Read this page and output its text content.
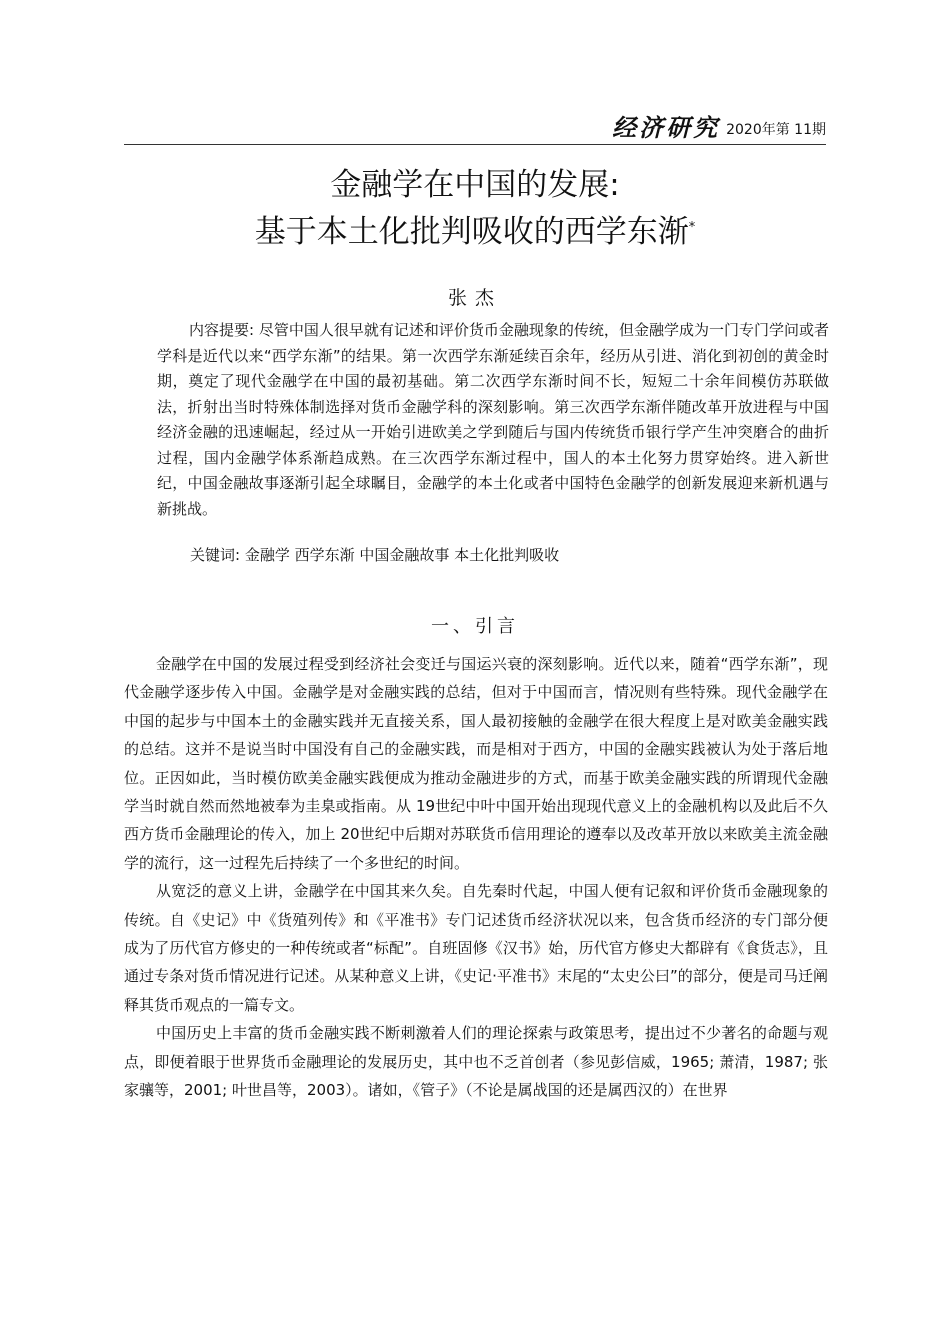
经济研究 2020年第 11期
金融学在中国的发展:
基于本土化批判吸收的西学东渐*
张杰

内容提要: 尽管中国人很早就有记述和评价货币金融现象的传统，但金融学成为一门专门学问或者学科是近代以来“西学东渐”的结果。第一次西学东渐延续百余年，经历从引进、消化到初创的黄金时期，奠定了现代金融学在中国的最初基础。第二次西学东渐时间不长，短短二十余年间模仿苏联做法，折射出当时特殊体制选择对货币金融学科的深刻影响。第三次西学东渐伴随改革开放进程与中国经济金融的迅速崛起，经过从一开始引进欧美之学到随后与国内传统货币银行学产生冲突磨合的曲折过程，国内金融学体系渐趋成熟。在三次西学东渐过程中，国人的本土化努力贯穿始终。进入新世纪，中国金融故事逐渐引起全球瞩目，金融学的本土化或者中国特色金融学的创新发展迎来新机遇与新挑战。

关键词: 金融学 西学东渐 中国金融故事 本土化批判吸收
一、引言

金融学在中国的发展过程受到经济社会变迁与国运兴衰的深刻影响。近代以来，随着“西学东渐”，现代金融学逐步传入中国。金融学是对金融实践的总结，但对于中国而言，情况则有些特殊。现代金融学在中国的起步与中国本土的金融实践并无直接关系，国人最初接触的金融学在很大程度上是对欧美金融实践的总结。这并不是说当时中国没有自己的金融实践，而是相对于西方，中国的金融实践被认为处于落后地位。正因如此，当时模仿欧美金融实践便成为推动金融进步的方式，而基于欧美金融实践的所谓现代金融学当时就自然而然地被奉为圭臬或指南。从 19世纪中叶中国开始出现现代意义上的金融机构以及此后不久西方货币金融理论的传入，加上 20世纪中后期对苏联货币信用理论的遵奉以及改革开放以来欧美主流金融学的流行，这一过程先后持续了一个多世纪的时间。

从宽泛的意义上讲，金融学在中国其来久矣。自先秦时代起，中国人便有记叙和评价货币金融现象的传统。自《史记》中《货殖列传》和《平准书》专门记述货币经济状况以来，包含货币经济的专门部分便成为了历代官方修史的一种传统或者“标配”。自班固修《汉书》始，历代官方修史大都辟有《食货志》，且通过专条对货币情况进行记述。从某种意义上讲，《史记·平准书》末尾的“太史公曰”的部分，便是司马迁阐释其货币观点的一篇专文。

中国历史上丰富的货币金融实践不断刺激着人们的理论探索与政策思考，提出过不少著名的命题与观点，即便着眼于世界货币金融理论的发展历史，其中也不乏首创者（参见彭信威，1965; 萧清，1987; 张家骧等，2001; 叶世昌等，2003）。诸如，《管子》（不论是属战国的还是属西汉的）在世界
